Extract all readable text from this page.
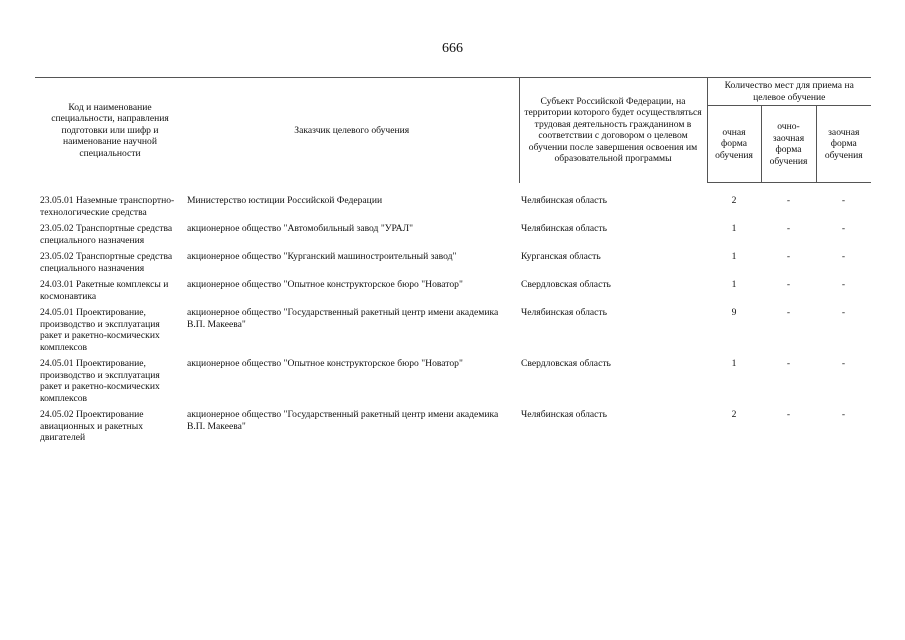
666
Код и наименование специальности, направления подготовки или шифр и наименование научной специальности	Заказчик целевого обучения	Субъект Российской Федерации, на территории которого будет осуществляться трудовая деятельность гражданином в соответствии с договором о целевом обучении после завершения освоения им образовательной программы	Количество мест для приема на целевое обучение		
			очная форма обучения	очно-заочная форма обучения	заочная форма обучения

23.05.01 Наземные транспортно-технологические средства	Министерство юстиции Российской Федерации	Челябинская область	2	-	-
23.05.02 Транспортные средства специального назначения	акционерное общество "Автомобильный завод "УРАЛ"	Челябинская область	1	-	-
23.05.02 Транспортные средства специального назначения	акционерное общество "Курганский машиностроительный завод"	Курганская область	1	-	-
24.03.01 Ракетные комплексы и космонавтика	акционерное общество "Опытное конструкторское бюро "Новатор"	Свердловская область	1	-	-
24.05.01 Проектирование, производство и эксплуатация ракет и ракетно-космических комплексов	акционерное общество "Государственный ракетный центр имени академика В.П. Макеева"	Челябинская область	9	-	-
24.05.01 Проектирование, производство и эксплуатация ракет и ракетно-космических комплексов	акционерное общество "Опытное конструкторское бюро "Новатор"	Свердловская область	1	-	-
24.05.02 Проектирование авиационных и ракетных двигателей	акционерное общество "Государственный ракетный центр имени академика В.П. Макеева"	Челябинская область	2	-	-
